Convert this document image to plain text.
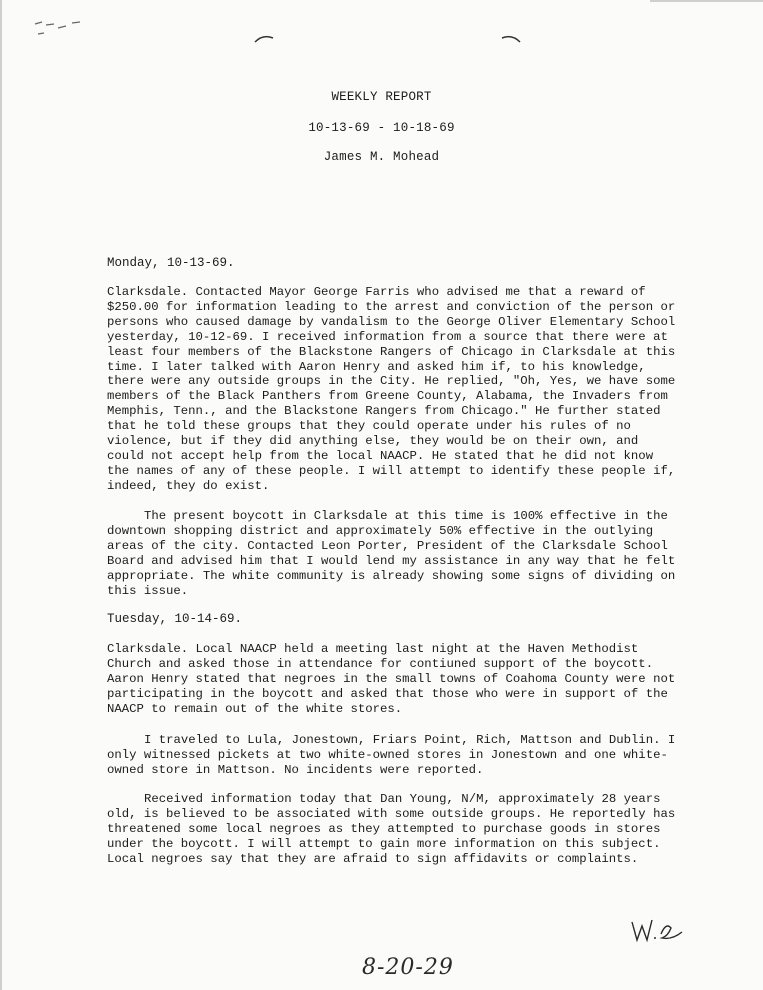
WEEKLY REPORT
10-13-69 - 10-18-69
James M. Mohead
Monday, 10-13-69.

Clarksdale. Contacted Mayor George Farris who advised me that a reward of $250.00 for information leading to the arrest and conviction of the person or persons who caused damage by vandalism to the George Oliver Elementary School yesterday, 10-12-69. I received information from a source that there were at least four members of the Blackstone Rangers of Chicago in Clarksdale at this time. I later talked with Aaron Henry and asked him if, to his knowledge, there were any outside groups in the City. He replied, "Oh, Yes, we have some members of the Black Panthers from Greene County, Alabama, the Invaders from Memphis, Tenn., and the Blackstone Rangers from Chicago." He further stated that he told these groups that they could operate under his rules of no violence, but if they did anything else, they would be on their own, and could not accept help from the local NAACP. He stated that he did not know the names of any of these people. I will attempt to identify these people if, indeed, they do exist.

The present boycott in Clarksdale at this time is 100% effective in the downtown shopping district and approximately 50% effective in the outlying areas of the city. Contacted Leon Porter, President of the Clarksdale School Board and advised him that I would lend my assistance in any way that he felt appropriate. The white community is already showing some signs of dividing on this issue.

Tuesday, 10-14-69.

Clarksdale. Local NAACP held a meeting last night at the Haven Methodist Church and asked those in attendance for contiuned support of the boycott. Aaron Henry stated that negroes in the small towns of Coahoma County were not participating in the boycott and asked that those who were in support of the NAACP to remain out of the white stores.

I traveled to Lula, Jonestown, Friars Point, Rich, Mattson and Dublin. I only witnessed pickets at two white-owned stores in Jonestown and one white-owned store in Mattson. No incidents were reported.

Received information today that Dan Young, N/M, approximately 28 years old, is believed to be associated with some outside groups. He reportedly has threatened some local negroes as they attempted to purchase goods in stores under the boycott. I will attempt to gain more information on this subject. Local negroes say that they are afraid to sign affidavits or complaints.

8-20-29
